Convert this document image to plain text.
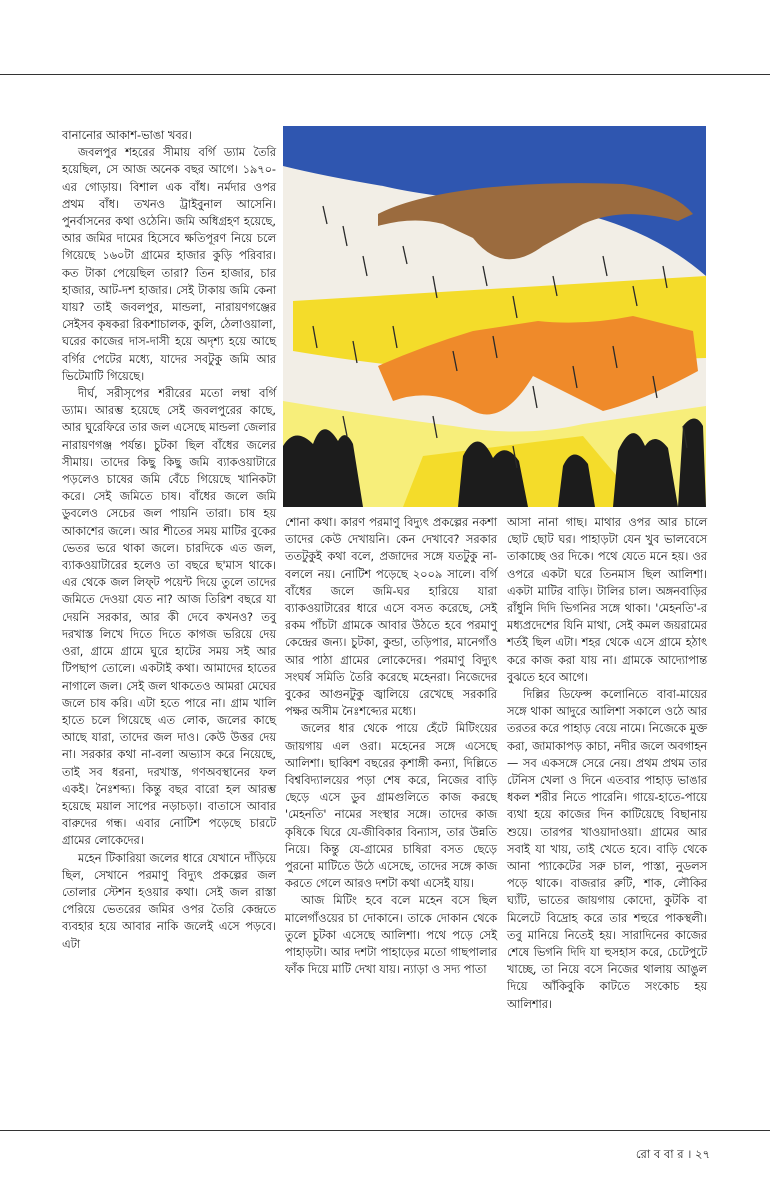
বানানোর আকাশ-ভাঙা খবর।

জবলপুর শহরের সীমায় বর্গি ড্যাম তৈরি হয়েছিল, সে আজ অনেক বছর আগে। ১৯৭০-এর গোড়ায়। বিশাল এক বাঁধ। নর্মদার ওপর প্রথম বাঁধ। তখনও ট্রাইবুনাল আসেনি। পুনর্বাসনের কথা ওঠেনি। জমি অধিগ্রহণ হয়েছে, আর জমির দামের হিসেবে ক্ষতিপূরণ নিয়ে চলে গিয়েছে ১৬০টা গ্রামের হাজার কুড়ি পরিবার। কত টাকা পেয়েছিল তারা? তিন হাজার, চার হাজার, আট-দশ হাজার। সেই টাকায় জমি কেনা যায়? তাই জবলপুর, মান্ডলা, নারায়ণগঞ্জের সেইসব কৃষকরা রিকশাচালক, কুলি, ঠেলাওয়ালা, ঘরের কাজের দাস-দাসী হয়ে অদৃশ্য হয়ে আছে বর্গির পেটের মধ্যে, যাদের সবটুকু জমি আর ভিটেমাটি গিয়েছে।

দীর্ঘ, সরীসৃপের শরীরের মতো লম্বা বর্গি ড্যাম। আরম্ভ হয়েছে সেই জবলপুরের কাছে, আর ঘুরেফিরে তার জল এসেছে মান্ডলা জেলার নারায়ণগঞ্জ পর্যন্ত। চুটকা ছিল বাঁধের জলের সীমায়। তাদের কিছু কিছু জমি ব্যাকওয়াটারে পড়লেও চাষের জমি বেঁচে গিয়েছে খানিকটা করে। সেই জমিতে চাষ। বাঁধের জলে জমি ডুবলেও সেচের জল পায়নি তারা। চাষ হয় আকাশের জলে। আর শীতের সময় মাটির বুকের ভেতর ভরে থাকা জলে। চারদিকে এত জল, ব্যাকওয়াটারের হলেও তা বছরে ছ'মাস থাকে। এর থেকে জল লিফ্‌ট পয়েন্ট দিয়ে তুলে তাদের জমিতে দেওয়া যেত না? আজ তিরিশ বছরে যা দেয়নি সরকার, আর কী দেবে কখনও? তবু দরখাস্ত লিখে দিতে দিতে কাগজ ভরিয়ে দেয় ওরা, গ্রামে গ্রামে ঘুরে হাটের সময় সই আর টিপছাপ তোলে। একটাই কথা। আমাদের হাতের নাগালে জল। সেই জল থাকতেও আমরা মেঘের জলে চাষ করি। এটা হতে পারে না। গ্রাম খালি হাতে চলে গিয়েছে এত লোক, জলের কাছে আছে যারা, তাদের জল দাও। কেউ উত্তর দেয় না। সরকার কথা না-বলা অভ্যাস করে নিয়েছে, তাই সব ধরনা, দরখাস্ত, গণঅবস্থানের ফল একই। নৈঃশব্দ্য। কিন্তু বছর বারো হল আরম্ভ হয়েছে ময়াল সাপের নড়াচড়া। বাতাসে আবার বারুদের গন্ধ। এবার নোটিশ পড়েছে চারটে গ্রামের লোকেদের।

মহেন টিকারিয়া জলের ধারে যেখানে দাঁড়িয়ে ছিল, সেখানে পরমাণু বিদ্যুৎ প্রকল্পের জল তোলার স্টেশন হওয়ার কথা। সেই জল রাস্তা পেরিয়ে ভেতরের জমির ওপর তৈরি কেন্দ্রতে ব্যবহার হয়ে আবার নাকি জলেই এসে পড়বে। এটা

শোনা কথা। কারণ পরমাণু বিদ্যুৎ প্রকল্পের নকশা তাদের কেউ দেখায়নি। কেন দেখাবে? সরকার ততটুকুই কথা বলে, প্রজাদের সঙ্গে যতটুকু না-বললে নয়। নোটিশ পড়েছে ২০০৯ সালে। বর্গি বাঁধের জলে জমি-ঘর হারিয়ে যারা ব্যাকওয়াটারের ধারে এসে বসত করেছে, সেই রকম পাঁচটা গ্রামকে আবার উঠতে হবে পরমাণু কেন্দ্রের জন্য। চুটকা, কুন্ডা, তড়িপার, মানেগাঁও আর পাঠা গ্রামের লোকেদের। পরমাণু বিদ্যুৎ সংঘর্ষ সমিতি তৈরি করেছে মহেনরা। নিজেদের বুকের আগুনটুকু জ্বালিয়ে রেখেছে সরকারি পক্ষর অসীম নৈঃশব্দ্যের মধ্যে।

জলের ধার থেকে পায়ে হেঁটে মিটিংয়ের জায়গায় এল ওরা। মহেনের সঙ্গে এসেছে আলিশা। ছাব্বিশ বছরের কৃশাঙ্গী কন্যা, দিল্লিতে বিশ্ববিদ্যালয়ের পড়া শেষ করে, নিজের বাড়ি ছেড়ে এসে ডুব গ্রামগুলিতে কাজ করছে 'মেহনতি' নামের সংস্থার সঙ্গে। তাদের কাজ কৃষিকে ঘিরে যে-জীবিকার বিন্যাস, তার উন্নতি নিয়ে। কিন্তু যে-গ্রামের চাষিরা বসত ছেড়ে পুরনো মাটিতে উঠে এসেছে, তাদের সঙ্গে কাজ করতে গেলে আরও দশটা কথা এসেই যায়।

আজ মিটিং হবে বলে মহেন বসে ছিল মালেগাঁওয়ের চা দোকানে। তাকে দোকান থেকে তুলে চুটকা এসেছে আলিশা। পথে পড়ে সেই পাহাড়টা। আর দশটা পাহাড়ের মতো গাছপালার ফাঁক দিয়ে মাটি দেখা যায়। ন্যাড়া ও সদ্য পাতা

আসা নানা গাছ। মাথার ওপর আর চালে ছোট ছোট ঘর। পাহাড়টা যেন খুব ভালবেসে তাকাচ্ছে ওর দিকে। পথে যেতে মনে হয়। ওর ওপরে একটা ঘরে তিনমাস ছিল আলিশা। একটা মাটির বাড়ি। টালির চাল। অঙ্গনবাড়ির রাঁধুনি দিদি ভিগনির সঙ্গে থাকা। 'মেহনতি'-র মধ্যপ্রদেশের যিনি মাথা, সেই কমল জয়রামের শর্তই ছিল এটা। শহর থেকে এসে গ্রামে হঠাৎ করে কাজ করা যায় না। গ্রামকে আদ্যোপান্ত বুঝতে হবে আগে।

দিল্লির ডিফেন্স কলোনিতে বাবা-মায়ের সঙ্গে থাকা আদুরে আলিশা সকালে ওঠে আর তরতর করে পাহাড় বেয়ে নামে। নিজেকে মুক্ত করা, জামাকাপড় কাচা, নদীর জলে অবগাহন— সব একসঙ্গে সেরে নেয়। প্রথম প্রথম তার টেনিস খেলা ও দিনে এতবার পাহাড় ভাঙার ধকল শরীর নিতে পারেনি। গায়ে-হাতে-পায়ে ব্যথা হয়ে কাজের দিন কাটিয়েছে বিছানায় শুয়ে। তারপর খাওয়াদাওয়া। গ্রামের আর সবাই যা খায়, তাই খেতে হবে। বাড়ি থেকে আনা প্যাকেটের সরু চাল, পাস্তা, নুডলস পড়ে থাকে। বাজরার রুটি, শাক, লৌকির ঘ্যাঁট, ভাতের জায়গায় কোদো, কুটকি বা মিলেটে বিদ্রোহ করে তার শহুরে পাকস্থলী। তবু মানিয়ে নিতেই হয়। সারাদিনের কাজের শেষে ভিগনি দিদি যা হুসহাস করে, চেটেপুটে খাচ্ছে, তা নিয়ে বসে নিজের থালায় আঙুল দিয়ে আঁকিবুকি কাটতে সংকোচ হয় আলিশার।

রো ব বা র । ২৭
